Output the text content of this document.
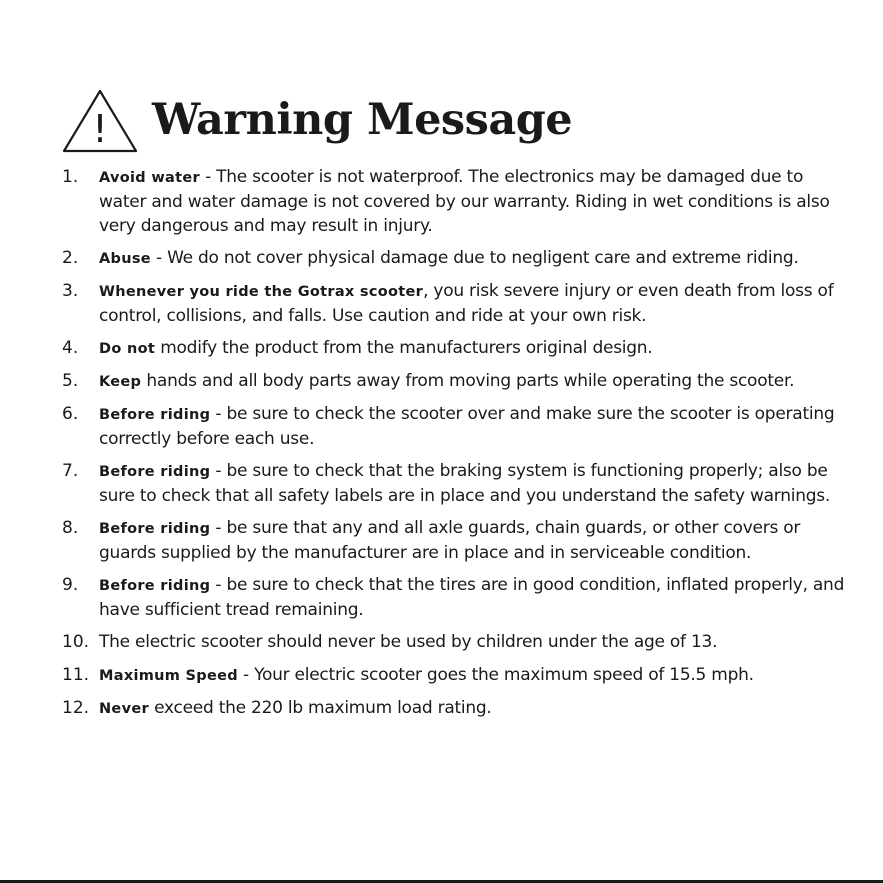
! Warning Message
1.	Avoid water - The scooter is not waterproof. The electronics may be damaged due to water and water damage is not covered by our warranty. Riding in wet conditions is also very dangerous and may result in injury.
2.	Abuse - We do not cover physical damage due to negligent care and extreme riding.
3.	Whenever you ride the Gotrax scooter, you risk severe injury or even death from loss of control, collisions, and falls. Use caution and ride at your own risk.
4.	Do not modify the product from the manufacturers original design.
5.	Keep hands and all body parts away from moving parts while operating the scooter.
6.	Before riding - be sure to check the scooter over and make sure the scooter is operating correctly before each use.
7.	Before riding - be sure to check that the braking system is functioning properly; also be sure to check that all safety labels are in place and you understand the safety warnings.
8.	Before riding - be sure that any and all axle guards, chain guards, or other covers or guards supplied by the manufacturer are in place and in serviceable condition.
9.	Before riding - be sure to check that the tires are in good condition, inflated properly, and have sufficient tread remaining.
10. The electric scooter should never be used by children under the age of 13.
11. Maximum Speed - Your electric scooter goes the maximum speed of 15.5 mph.
12. Never exceed the 220 lb maximum load rating.
